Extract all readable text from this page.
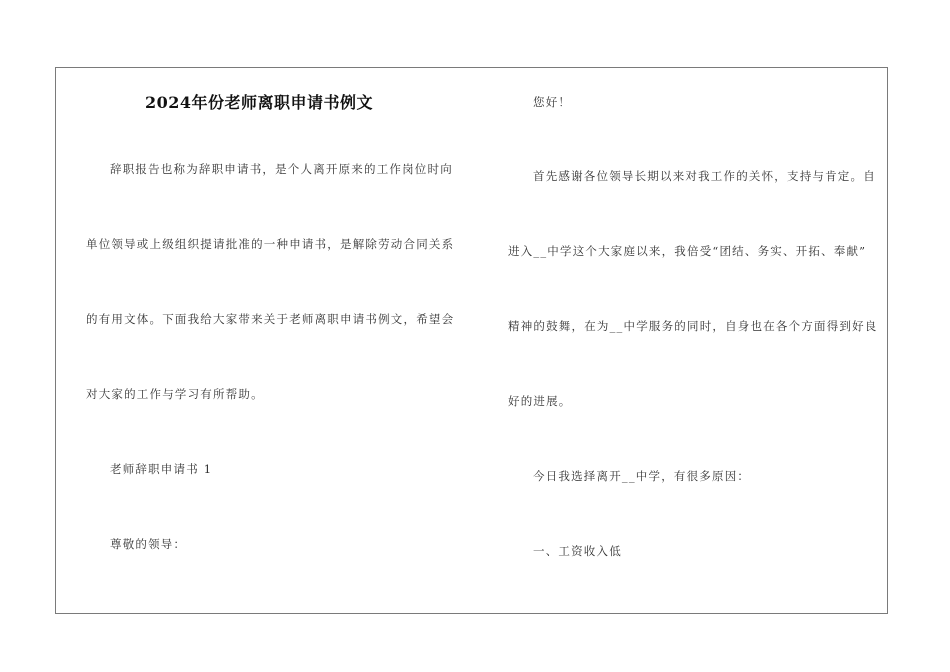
2024年份老师离职申请书例文
辞职报告也称为辞职申请书，是个人离开原来的工作岗位时向
单位领导或上级组织提请批准的一种申请书，是解除劳动合同关系
的有用文体。下面我给大家带来关于老师离职申请书例文，希望会
对大家的工作与学习有所帮助。
老师辞职申请书 1
尊敬的领导：
您好！
首先感谢各位领导长期以来对我工作的关怀，支持与肯定。自
进入__中学这个大家庭以来，我倍受“团结、务实、开拓、奉献”
精神的鼓舞，在为__中学服务的同时，自身也在各个方面得到好良
好的进展。
今日我选择离开__中学，有很多原因：
一、工资收入低
